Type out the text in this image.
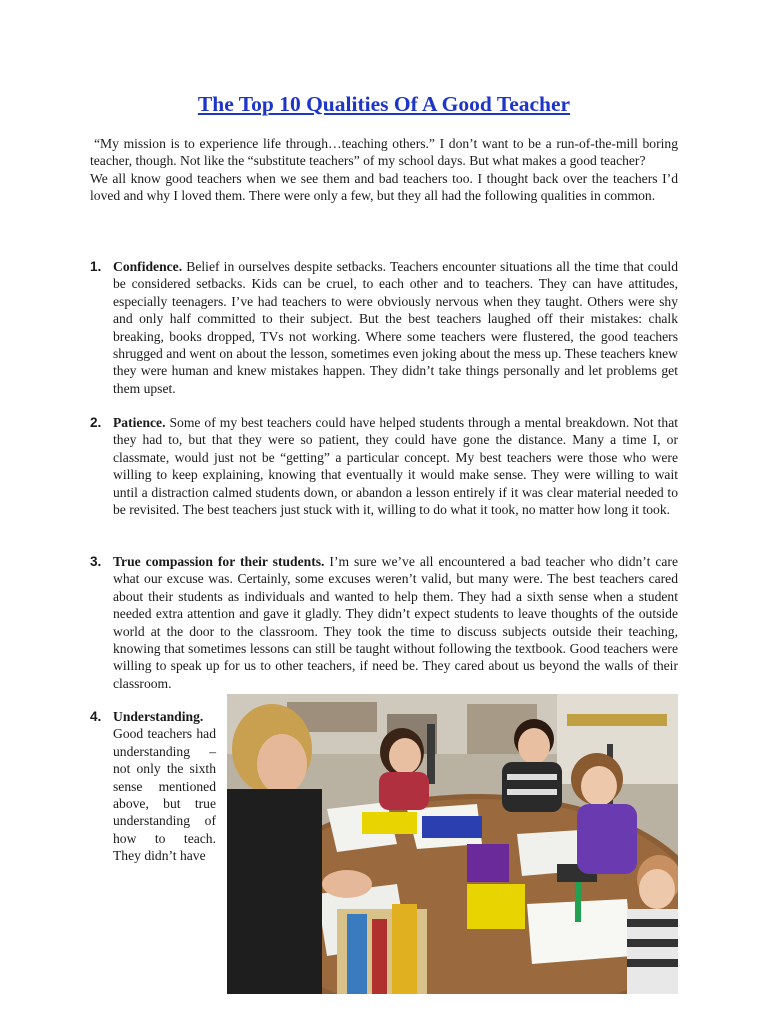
The Top 10 Qualities Of A Good Teacher

“My mission is to experience life through…teaching others.” I don’t want to be a run-of-the-mill boring teacher, though. Not like the “substitute teachers” of my school days. But what makes a good teacher?

We all know good teachers when we see them and bad teachers too. I thought back over the teachers I’d loved and why I loved them. There were only a few, but they all had the following qualities in common.

1. Confidence. Belief in ourselves despite setbacks. Teachers encounter situations all the time that could be considered setbacks. Kids can be cruel, to each other and to teachers. They can have attitudes, especially teenagers. I’ve had teachers to were obviously nervous when they taught. Others were shy and only half committed to their subject. But the best teachers laughed off their mistakes: chalk breaking, books dropped, TVs not working. Where some teachers were flustered, the good teachers shrugged and went on about the lesson, sometimes even joking about the mess up. These teachers knew they were human and knew mistakes happen. They didn’t take things personally and let problems get them upset.
2. Patience. Some of my best teachers could have helped students through a mental breakdown. Not that they had to, but that they were so patient, they could have gone the distance. Many a time I, or classmate, would just not be “getting” a particular concept. My best teachers were those who were willing to keep explaining, knowing that eventually it would make sense. They were willing to wait until a distraction calmed students down, or abandon a lesson entirely if it was clear material needed to be revisited. The best teachers just stuck with it, willing to do what it took, no matter how long it took.
3. True compassion for their students. I’m sure we’ve all encountered a bad teacher who didn’t care what our excuse was. Certainly, some excuses weren’t valid, but many were. The best teachers cared about their students as individuals and wanted to help them. They had a sixth sense when a student needed extra attention and gave it gladly. They didn’t expect students to leave thoughts of the outside world at the door to the classroom. They took the time to discuss subjects outside their teaching, knowing that sometimes lessons can still be taught without following the textbook. Good teachers were willing to speak up for us to other teachers, if need be. They cared about us beyond the walls of their classroom.
4. Understanding. Good teachers had understanding – not only the sixth sense mentioned above, but true understanding of how to teach. They didn’t have
